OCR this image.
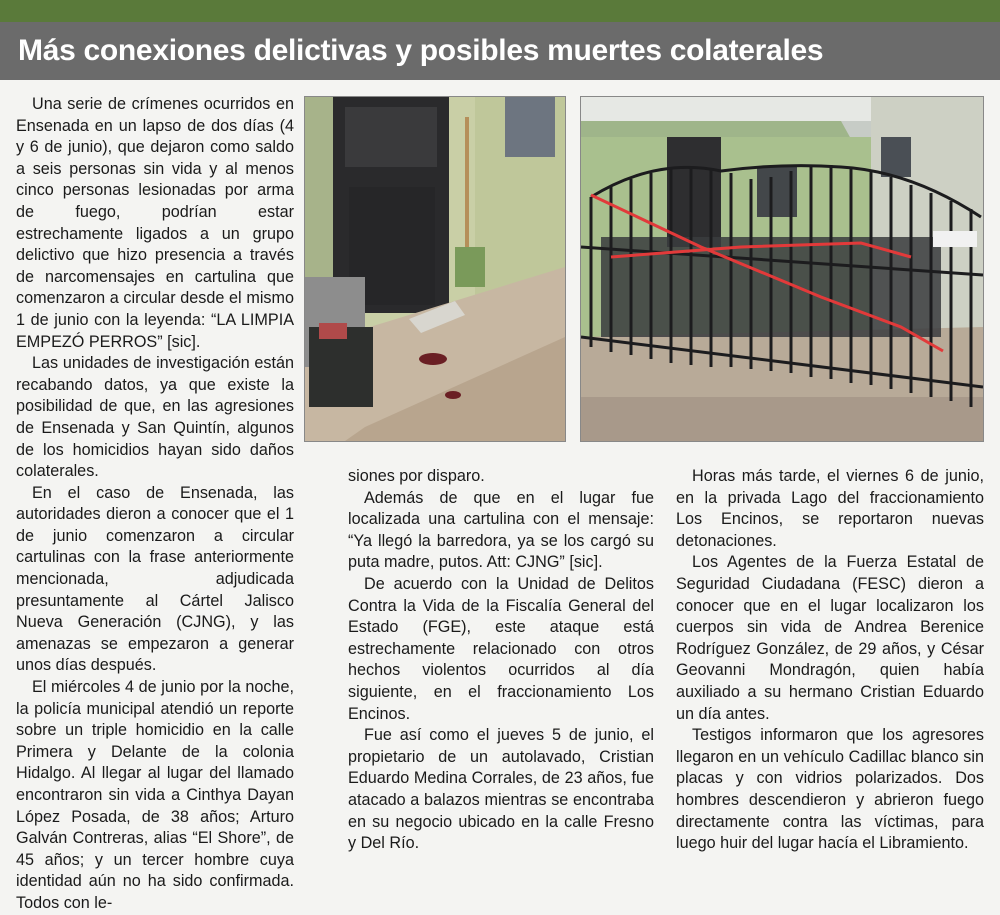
Más conexiones delictivas y posibles muertes colaterales

Una serie de crímenes ocurridos en Ensenada en un lapso de dos días (4 y 6 de junio), que dejaron como saldo a seis personas sin vida y al menos cinco personas lesionadas por arma de fuego, podrían estar estrechamente ligados a un grupo delictivo que hizo presencia a través de narcomensajes en cartulina que comenzaron a circular desde el mismo 1 de junio con la leyenda: “LA LIMPIA EMPEZÓ PERROS” [sic].

Las unidades de investigación están recabando datos, ya que existe la posibilidad de que, en las agresiones de Ensenada y San Quintín, algunos de los homicidios hayan sido daños colaterales.

En el caso de Ensenada, las autoridades dieron a conocer que el 1 de junio comenzaron a circular cartulinas con la frase anteriormente mencionada, adjudicada presuntamente al Cártel Jalisco Nueva Generación (CJNG), y las amenazas se empezaron a generar unos días después.

El miércoles 4 de junio por la noche, la policía municipal atendió un reporte sobre un triple homicidio en la calle Primera y Delante de la colonia Hidalgo. Al llegar al lugar del llamado encontraron sin vida a Cinthya Dayan López Posada, de 38 años; Arturo Galván Contreras, alias “El Shore”, de 45 años; y un tercer hombre cuya identidad aún no ha sido confirmada. Todos con le-

siones por disparo.

Además de que en el lugar fue localizada una cartulina con el mensaje: “Ya llegó la barredora, ya se los cargó su puta madre, putos. Att: CJNG” [sic].

De acuerdo con la Unidad de Delitos Contra la Vida de la Fiscalía General del Estado (FGE), este ataque está estrechamente relacionado con otros hechos violentos ocurridos al día siguiente, en el fraccionamiento Los Encinos.

Fue así como el jueves 5 de junio, el propietario de un autolavado, Cristian Eduardo Medina Corrales, de 23 años, fue atacado a balazos mientras se encontraba en su negocio ubicado en la calle Fresno y Del Río.

Horas más tarde, el viernes 6 de junio, en la privada Lago del fraccionamiento Los Encinos, se reportaron nuevas detonaciones.

Los Agentes de la Fuerza Estatal de Seguridad Ciudadana (FESC) dieron a conocer que en el lugar localizaron los cuerpos sin vida de Andrea Berenice Rodríguez González, de 29 años, y César Geovanni Mondragón, quien había auxiliado a su hermano Cristian Eduardo un día antes.

Testigos informaron que los agresores llegaron en un vehículo Cadillac blanco sin placas y con vidrios polarizados. Dos hombres descendieron y abrieron fuego directamente contra las víctimas, para luego huir del lugar hacía el Libramiento.
